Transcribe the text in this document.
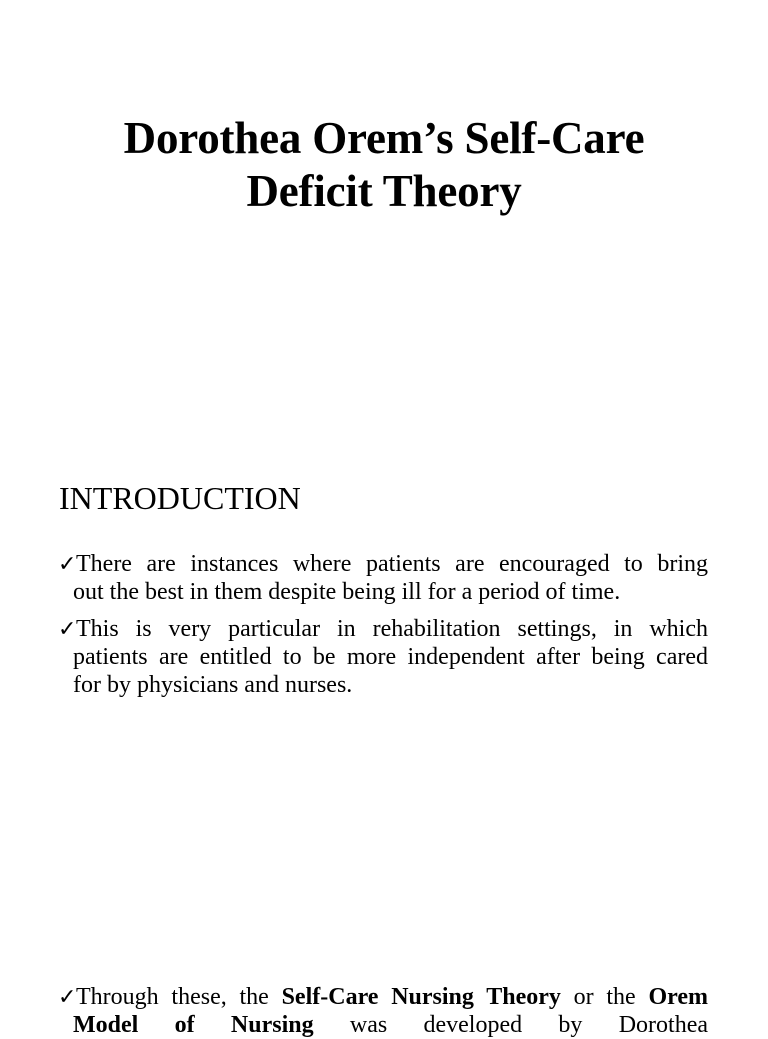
Dorothea Orem’s Self-Care
Deficit Theory
INTRODUCTION

✓There are instances where patients are encouraged to bring
out the best in them despite being ill for a period of time.

✓This is very particular in rehabilitation settings, in which
patients are entitled to be more independent after being cared
for by physicians and nurses.

✓Through these, the Self-Care Nursing Theory or the Orem
Model of Nursing was developed by Dorothea
